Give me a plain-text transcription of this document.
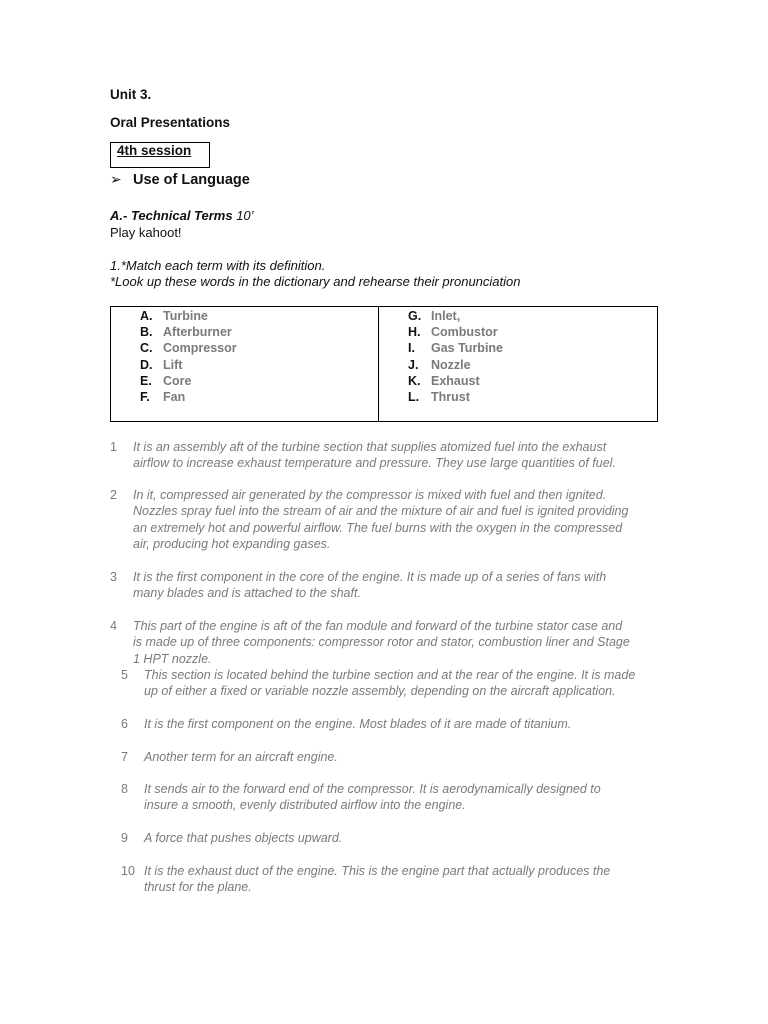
Unit 3.
Oral Presentations
4th session
➢ Use of Language
A.- Technical Terms 10’
Play kahoot!
1.*Match each term with its definition.
*Look up these words in the dictionary and rehearse their pronunciation
A. Turbine
B. Afterburner
C. Compressor
D. Lift
E. Core
F. Fan
G. Inlet,
H. Combustor
I. Gas Turbine
J. Nozzle
K. Exhaust
L. Thrust
1 It is an assembly aft of the turbine section that supplies atomized fuel into the exhaust
airflow to increase exhaust temperature and pressure. They use large quantities of fuel.
2 In it, compressed air generated by the compressor is mixed with fuel and then ignited.
Nozzles spray fuel into the stream of air and the mixture of air and fuel is ignited providing
an extremely hot and powerful airflow. The fuel burns with the oxygen in the compressed
air, producing hot expanding gases.
3 It is the first component in the core of the engine. It is made up of a series of fans with
many blades and is attached to the shaft.
4 This part of the engine is aft of the fan module and forward of the turbine stator case and
is made up of three components: compressor rotor and stator, combustion liner and Stage
1 HPT nozzle.
5 This section is located behind the turbine section and at the rear of the engine. It is made
up of either a fixed or variable nozzle assembly, depending on the aircraft application.
6 It is the first component on the engine. Most blades of it are made of titanium.
7 Another term for an aircraft engine.
8 It sends air to the forward end of the compressor. It is aerodynamically designed to
insure a smooth, evenly distributed airflow into the engine.
9 A force that pushes objects upward.
10 It is the exhaust duct of the engine. This is the engine part that actually produces the
thrust for the plane.
